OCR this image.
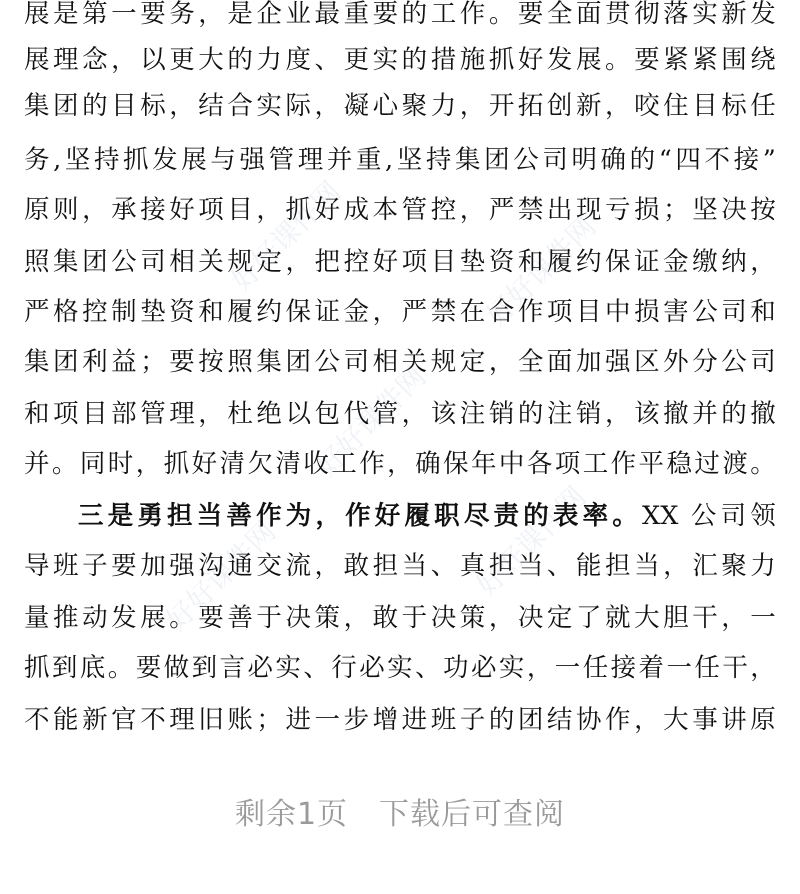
好好课件网	好好课件网
好好课件网
好好课件网	好好课件网
展是第一要务，是企业最重要的工作。要全面贯彻落实新发
展理念，以更大的力度、更实的措施抓好发展。要紧紧围绕
集团的目标，结合实际，凝心聚力，开拓创新，咬住目标任
务,坚持抓发展与强管理并重,坚持集团公司明确的“四不接”
原则，承接好项目，抓好成本管控，严禁出现亏损；坚决按
照集团公司相关规定，把控好项目垫资和履约保证金缴纳，
严格控制垫资和履约保证金，严禁在合作项目中损害公司和
集团利益；要按照集团公司相关规定，全面加强区外分公司
和项目部管理，杜绝以包代管，该注销的注销，该撤并的撤
并。同时，抓好清欠清收工作，确保年中各项工作平稳过渡。
三是勇担当善作为，作好履职尽责的表率。XX 公司领
导班子要加强沟通交流，敢担当、真担当、能担当，汇聚力
量推动发展。要善于决策，敢于决策，决定了就大胆干，一
抓到底。要做到言必实、行必实、功必实，一任接着一任干，
不能新官不理旧账；进一步增进班子的团结协作，大事讲原
剩余1页　下载后可查阅
